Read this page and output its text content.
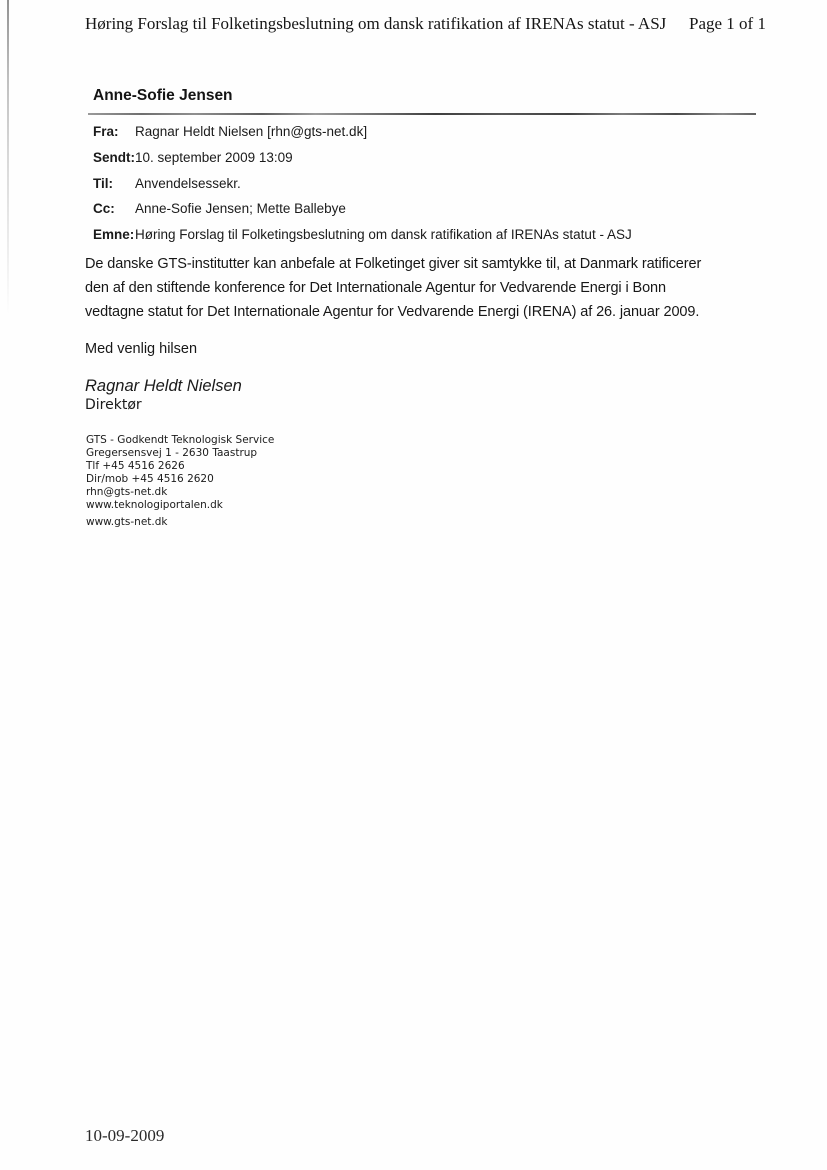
Høring Forslag til Folketingsbeslutning om dansk ratifikation af IRENAs statut - ASJ Page 1 of 1
Anne-Sofie Jensen
Fra:	Ragnar Heldt Nielsen [rhn@gts-net.dk]
Sendt: 10. september 2009 13:09
Til:	Anvendelsessekr.
Cc:	Anne-Sofie Jensen; Mette Ballebye
Emne: Høring Forslag til Folketingsbeslutning om dansk ratifikation af IRENAs statut - ASJ
De danske GTS-institutter kan anbefale at Folketinget giver sit samtykke til, at Danmark ratificerer
den af den stiftende konference for Det Internationale Agentur for Vedvarende Energi i Bonn
vedtagne statut for Det Internationale Agentur for Vedvarende Energi (IRENA) af 26. januar 2009.
Med venlig hilsen
Ragnar Heldt Nielsen
Direktør
GTS - Godkendt Teknologisk Service
Gregersensvej 1 - 2630 Taastrup
Tlf +45 4516 2626
Dir/mob +45 4516 2620
rhn@gts-net.dk
www.teknologiportalen.dk
www.gts-net.dk
10-09-2009
